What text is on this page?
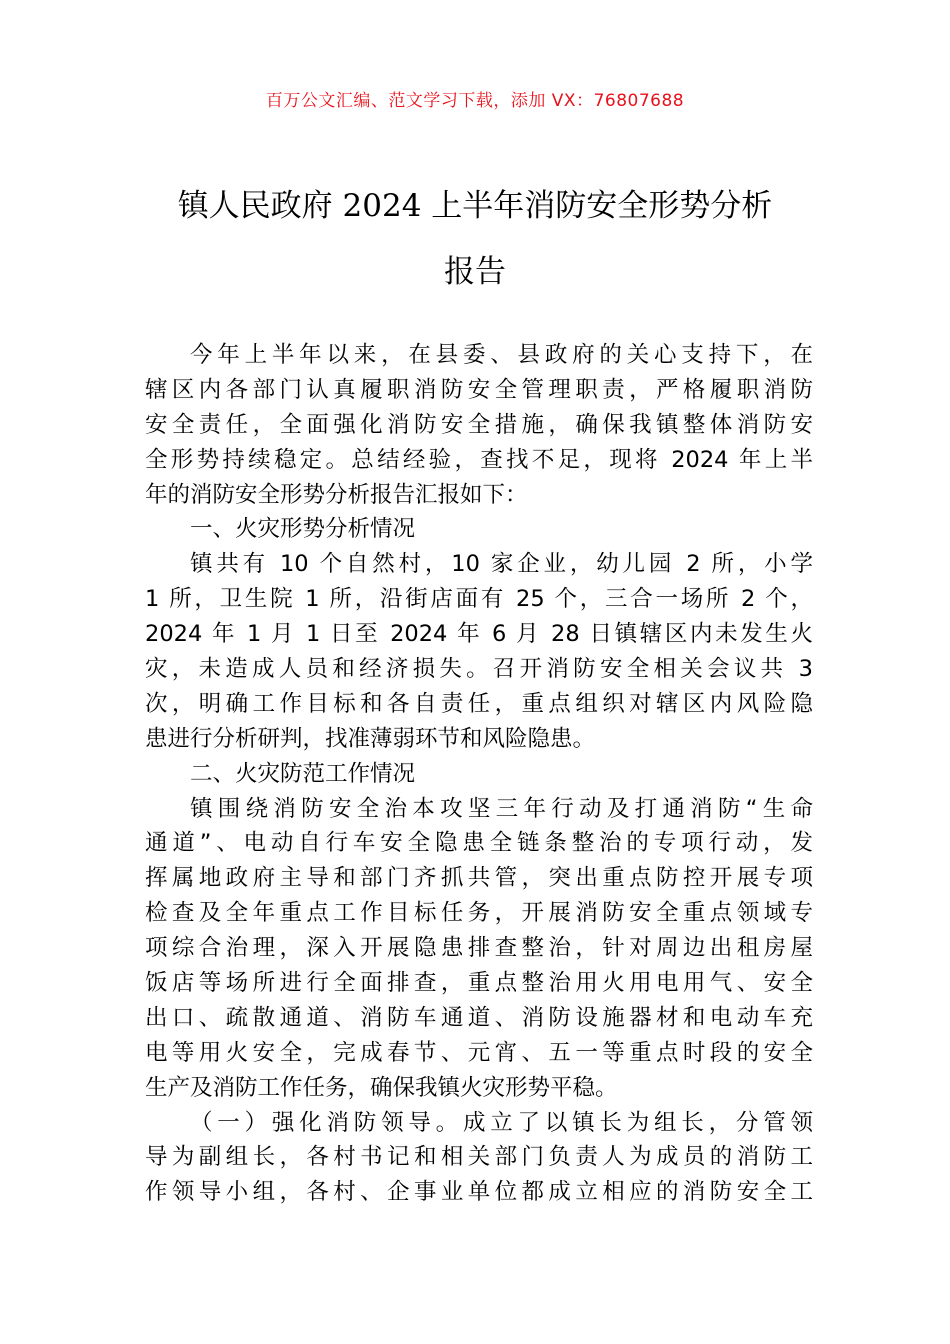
百万公文汇编、范文学习下载，添加 VX：76807688
镇人民政府 2024 上半年消防安全形势分析
报告
今年上半年以来，在县委、县政府的关心支持下，在
辖区内各部门认真履职消防安全管理职责，严格履职消防
安全责任，全面强化消防安全措施，确保我镇整体消防安
全形势持续稳定。总结经验，查找不足，现将 2024 年上半
年的消防安全形势分析报告汇报如下：
一、火灾形势分析情况
镇共有 10 个自然村，10 家企业，幼儿园 2 所，小学
1 所，卫生院 1 所，沿街店面有 25 个，三合一场所 2 个，
2024 年 1 月 1 日至 2024 年 6 月 28 日镇辖区内未发生火
灾，未造成人员和经济损失。召开消防安全相关会议共 3
次，明确工作目标和各自责任，重点组织对辖区内风险隐
患进行分析研判，找准薄弱环节和风险隐患。
二、火灾防范工作情况
镇围绕消防安全治本攻坚三年行动及打通消防“生命
通道”、电动自行车安全隐患全链条整治的专项行动，发
挥属地政府主导和部门齐抓共管，突出重点防控开展专项
检查及全年重点工作目标任务，开展消防安全重点领域专
项综合治理，深入开展隐患排查整治，针对周边出租房屋
饭店等场所进行全面排查，重点整治用火用电用气、安全
出口、疏散通道、消防车通道、消防设施器材和电动车充
电等用火安全，完成春节、元宵、五一等重点时段的安全
生产及消防工作任务，确保我镇火灾形势平稳。
（一）强化消防领导。成立了以镇长为组长，分管领
导为副组长，各村书记和相关部门负责人为成员的消防工
作领导小组，各村、企事业单位都成立相应的消防安全工
